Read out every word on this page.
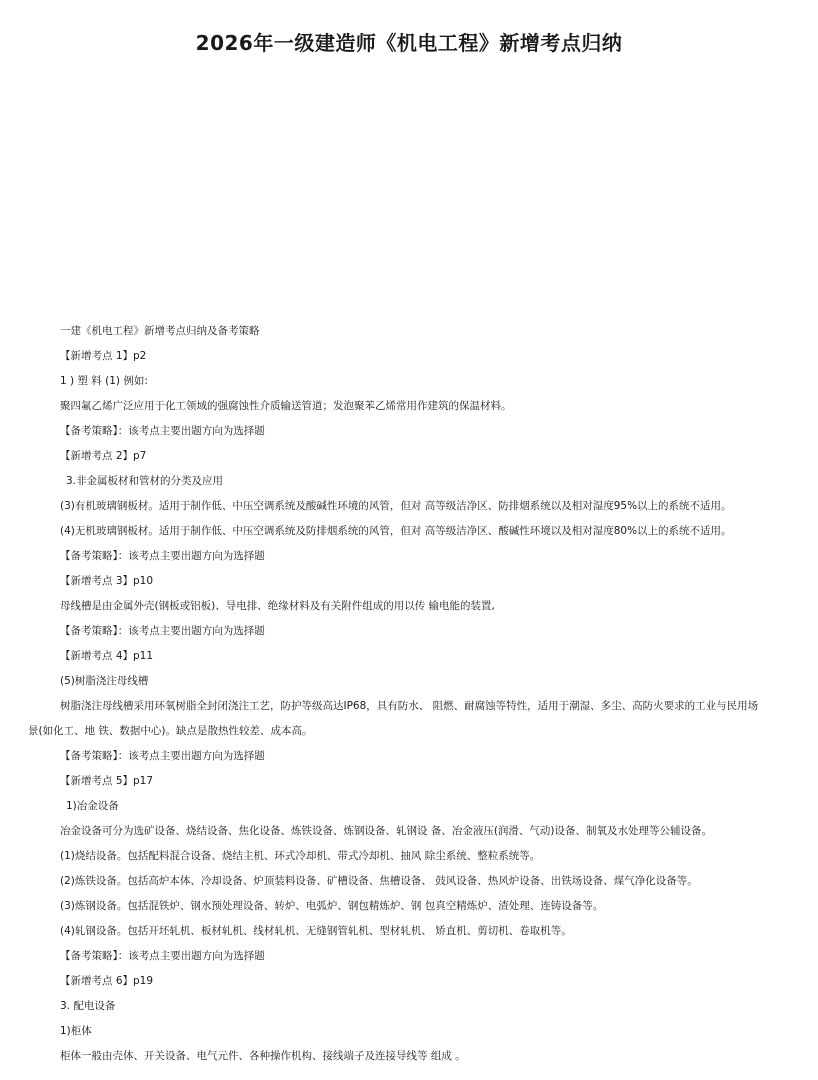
2026年一级建造师《机电工程》新增考点归纳
一建《机电工程》新增考点归纳及备考策略
【新增考点 1】p2
1 ) 塑 料 (1) 例如:
聚四氟乙烯广泛应用于化工领域的强腐蚀性介质输送管道；发泡聚苯乙烯常用作建筑的保温材料。
【备考策略】：该考点主要出题方向为选择题
【新增考点 2】p7
3.非金属板材和管材的分类及应用
(3)有机玻璃钢板材。适用于制作低、中压空调系统及酸碱性环境的风管，但对 高等级洁净区、防排烟系统以及相对湿度95%以上的系统不适用。
(4)无机玻璃钢板材。适用于制作低、中压空调系统及防排烟系统的风管，但对 高等级洁净区、酸碱性环境以及相对湿度80%以上的系统不适用。
【备考策略】：该考点主要出题方向为选择题
【新增考点 3】p10
母线槽是由金属外壳(钢板或铝板)、导电排、绝缘材料及有关附件组成的用以传 输电能的装置,
【备考策略】：该考点主要出题方向为选择题
【新增考点 4】p11
(5)树脂浇注母线槽
树脂浇注母线槽采用环氧树脂全封闭浇注工艺，防护等级高达IP68，具有防水、 阻燃、耐腐蚀等特性，适用于潮湿、多尘、高防火要求的工业与民用场
景(如化工、地 铁、数据中心)。缺点是散热性较差、成本高。
【备考策略】：该考点主要出题方向为选择题
【新增考点 5】p17
1)冶金设备
冶金设备可分为选矿设备、烧结设备、焦化设备、炼铁设备、炼钢设备、轧钢设 备、冶金液压(润滑、气动)设备、制氧及水处理等公辅设备。
(1)烧结设备。包括配料混合设备、烧结主机、环式冷却机、带式冷却机、抽风 除尘系统、整粒系统等。
(2)炼铁设备。包括高炉本体、冷却设备、炉顶装料设备、矿槽设备、焦槽设备、 鼓风设备、热风炉设备、出铁场设备、煤气净化设备等。
(3)炼钢设备。包括混铁炉、钢水预处理设备、转炉、电弧炉、钢包精炼炉、钢 包真空精炼炉、渣处理、连铸设备等。
(4)轧钢设备。包括开坯轧机、板材轧机、线材轧机、无缝钢管轧机、型材轧机、 矫直机、剪切机、卷取机等。
【备考策略】：该考点主要出题方向为选择题
【新增考点 6】p19
3. 配电设备
1)柜体
柜体一般由壳体、开关设备、电气元件、各种操作机构、接线端子及连接导线等 组成 。
